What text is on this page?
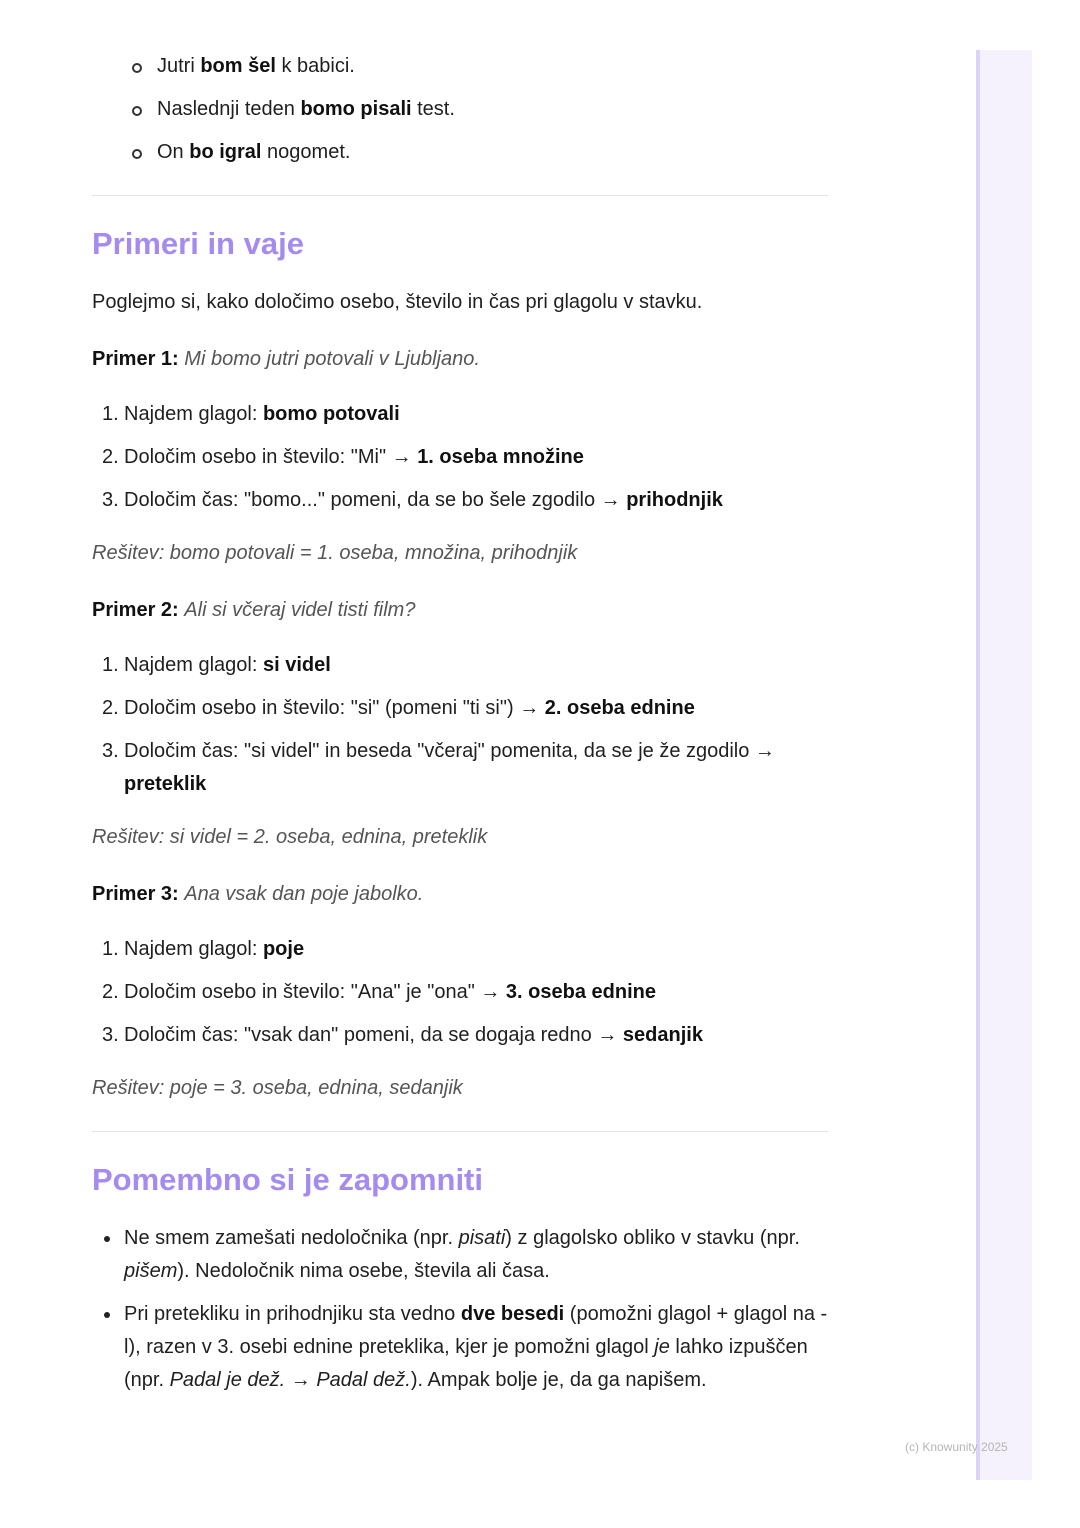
Jutri bom šel k babici.
Naslednji teden bomo pisali test.
On bo igral nogomet.
Primeri in vaje

Poglejmo si, kako določimo osebo, število in čas pri glagolu v stavku.

Primer 1: Mi bomo jutri potovali v Ljubljano.

1. Najdem glagol: bomo potovali
2. Določim osebo in število: "Mi" → 1. oseba množine
3. Določim čas: "bomo..." pomeni, da se bo šele zgodilo → prihodnjik

Rešitev: bomo potovali = 1. oseba, množina, prihodnjik

Primer 2: Ali si včeraj videl tisti film?

1. Najdem glagol: si videl
2. Določim osebo in število: "si" (pomeni "ti si") → 2. oseba ednine
3. Določim čas: "si videl" in beseda "včeraj" pomenita, da se je že zgodilo → preteklik

Rešitev: si videl = 2. oseba, ednina, preteklik

Primer 3: Ana vsak dan poje jabolko.

1. Najdem glagol: poje
2. Določim osebo in število: "Ana" je "ona" → 3. oseba ednine
3. Določim čas: "vsak dan" pomeni, da se dogaja redno → sedanjik

Rešitev: poje = 3. oseba, ednina, sedanjik

Pomembno si je zapomniti
Ne smem zamešati nedoločnika (npr. pisati) z glagolsko obliko v stavku (npr. pišem). Nedoločnik nima osebe, števila ali časa.
Pri pretekliku in prihodnjiku sta vedno dve besedi (pomožni glagol + glagol na -l), razen v 3. osebi ednine preteklika, kjer je pomožni glagol je lahko izpuščen (npr. Padal je dež. → Padal dež.). Ampak bolje je, da ga napišem.
(c) Knowunity 2025
